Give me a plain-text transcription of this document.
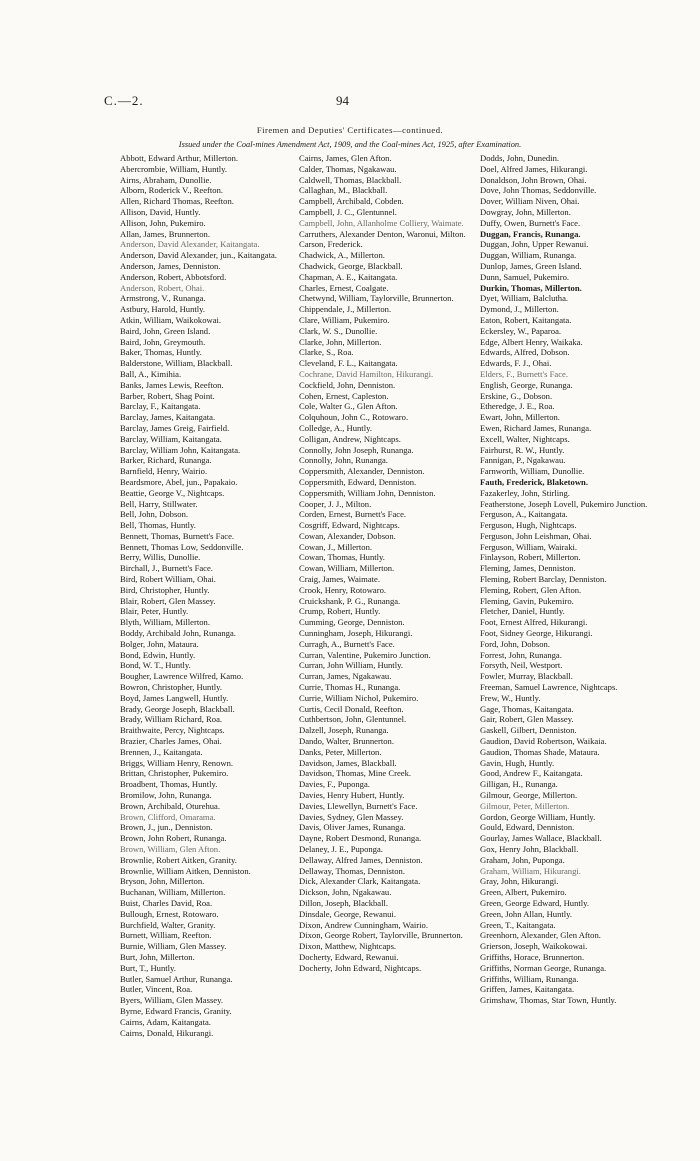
C.—2.	94
Firemen and Deputies' Certificates—continued.
Issued under the Coal-mines Amendment Act, 1909, and the Coal-mines Act, 1925, after Examination.
Abbott, Edward Arthur, Millerton.
Abercrombie, William, Huntly.
Airns, Abraham, Dunollie.
Alborn, Roderick V., Reefton.
Allen, Richard Thomas, Reefton.
Allison, David, Huntly.
Allison, John, Pukemiro.
Allan, James, Brunnerton.
Anderson, David Alexander, Kaitangata.
Anderson, David Alexander, jun., Kaitangata.
Anderson, James, Denniston.
Anderson, Robert, Abbotsford.
Anderson, Robert, Ohai.
Armstrong, V., Runanga.
Astbury, Harold, Huntly.
Atkin, William, Waikokowai.
Baird, John, Green Island.
Baird, John, Greymouth.
Baker, Thomas, Huntly.
Balderstone, William, Blackball.
Ball, A., Kimihia.
Banks, James Lewis, Reefton.
Barber, Robert, Shag Point.
Barclay, F., Kaitangata.
Barclay, James, Kaitangata.
Barclay, James Greig, Fairfield.
Barclay, William, Kaitangata.
Barclay, William John, Kaitangata.
Barker, Richard, Runanga.
Barnfield, Henry, Wairio.
Beardsmore, Abel, jun., Papakaio.
Beattie, George V., Nightcaps.
Bell, Harry, Stillwater.
Bell, John, Dobson.
Bell, Thomas, Huntly.
Bennett, Thomas, Burnett's Face.
Bennett, Thomas Low, Seddonville.
Berry, Willis, Dunollie.
Birchall, J., Burnett's Face.
Bird, Robert William, Ohai.
Bird, Christopher, Huntly.
Blair, Robert, Glen Massey.
Blair, Peter, Huntly.
Blyth, William, Millerton.
Boddy, Archibald John, Runanga.
Bolger, John, Mataura.
Bond, Edwin, Huntly.
Bond, W. T., Huntly.
Bougher, Lawrence Wilfred, Kamo.
Bowron, Christopher, Huntly.
Boyd, James Langwell, Huntly.
Brady, George Joseph, Blackball.
Brady, William Richard, Roa.
Braithwaite, Percy, Nightcaps.
Brazier, Charles James, Ohai.
Brennen, J., Kaitangata.
Briggs, William Henry, Renown.
Brittan, Christopher, Pukemiro.
Broadbent, Thomas, Huntly.
Bromilow, John, Runanga.
Brown, Archibald, Oturehua.
Brown, Clifford, Omarama.
Brown, J., jun., Denniston.
Brown, John Robert, Runanga.
Brown, William, Glen Afton.
Brownlie, Robert Aitken, Granity.
Brownlie, William Aitken, Denniston.
Bryson, John, Millerton.
Buchanan, William, Millerton.
Buist, Charles David, Roa.
Bullough, Ernest, Rotowaro.
Burchfield, Walter, Granity.
Burnett, William, Reefton.
Burnie, William, Glen Massey.
Burt, John, Millerton.
Burt, T., Huntly.
Butler, Samuel Arthur, Runanga.
Butler, Vincent, Roa.
Byers, William, Glen Massey.
Byrne, Edward Francis, Granity.
Cairns, Adam, Kaitangata.
Cairns, Donald, Hikurangi.
Cairns, James, Glen Afton.
Calder, Thomas, Ngakawau.
Caldwell, Thomas, Blackball.
Callaghan, M., Blackball.
Campbell, Archibald, Cobden.
Campbell, J. C., Glentunnel.
Campbell, John, Allanholme Colliery, Waimate.
Carruthers, Alexander Denton, Waronui, Milton.
Carson, Frederick.
Chadwick, A., Millerton.
Chadwick, George, Blackball.
Chapman, A. E., Kaitangata.
Charles, Ernest, Coalgate.
Chetwynd, William, Taylorville, Brunnerton.
Chippendale, J., Millerton.
Clare, William, Pukemiro.
Clark, W. S., Dunollie.
Clarke, John, Millerton.
Clarke, S., Roa.
Cleveland, F. L., Kaitangata.
Cochrane, David Hamilton, Hikurangi.
Cockfield, John, Denniston.
Cohen, Ernest, Capleston.
Cole, Walter G., Glen Afton.
Colquhoun, John C., Rotowaro.
Colledge, A., Huntly.
Colligan, Andrew, Nightcaps.
Connolly, John Joseph, Runanga.
Connolly, John, Runanga.
Coppersmith, Alexander, Denniston.
Coppersmith, Edward, Denniston.
Coppersmith, William John, Denniston.
Cooper, J. J., Milton.
Corden, Ernest, Burnett's Face.
Cosgriff, Edward, Nightcaps.
Cowan, Alexander, Dobson.
Cowan, J., Millerton.
Cowan, Thomas, Huntly.
Cowan, William, Millerton.
Craig, James, Waimate.
Crook, Henry, Rotowaro.
Cruickshank, P. G., Runanga.
Crump, Robert, Huntly.
Cumming, George, Denniston.
Cunningham, Joseph, Hikurangi.
Curragh, A., Burnett's Face.
Curran, Valentine, Pukemiro Junction.
Curran, John William, Huntly.
Curran, James, Ngakawau.
Currie, Thomas H., Runanga.
Currie, William Nichol, Pukemiro.
Curtis, Cecil Donald, Reefton.
Cuthbertson, John, Glentunnel.
Dalzell, Joseph, Runanga.
Dando, Walter, Brunnerton.
Danks, Peter, Millerton.
Davidson, James, Blackball.
Davidson, Thomas, Mine Creek.
Davies, F., Puponga.
Davies, Henry Hubert, Huntly.
Davies, Llewellyn, Burnett's Face.
Davies, Sydney, Glen Massey.
Davis, Oliver James, Runanga.
Dayne, Robert Desmond, Runanga.
Delaney, J. E., Puponga.
Dellaway, Alfred James, Denniston.
Dellaway, Thomas, Denniston.
Dick, Alexander Clark, Kaitangata.
Dickson, John, Ngakawau.
Dillon, Joseph, Blackball.
Dinsdale, George, Rewanui.
Dixon, Andrew Cunningham, Wairio.
Dixon, George Robert, Taylorville, Brunnerton.
Dixon, Matthew, Nightcaps.
Docherty, Edward, Rewanui.
Docherty, John Edward, Nightcaps.
Dodds, John, Dunedin.
Doel, Alfred James, Hikurangi.
Donaldson, John Brown, Ohai.
Dove, John Thomas, Seddonville.
Dover, William Niven, Ohai.
Dowgray, John, Millerton.
Duffy, Owen, Burnett's Face.
Duggan, Francis, Runanga.
Duggan, John, Upper Rewanui.
Duggan, William, Runanga.
Dunlop, James, Green Island.
Dunn, Samuel, Pukemiro.
Durkin, Thomas, Millerton.
Dyet, William, Balclutha.
Dymond, J., Millerton.
Eaton, Robert, Kaitangata.
Eckersley, W., Paparoa.
Edge, Albert Henry, Waikaka.
Edwards, Alfred, Dobson.
Edwards, F. J., Ohai.
Elders, F., Burnett's Face.
English, George, Runanga.
Erskine, G., Dobson.
Etheredge, J. E., Roa.
Ewart, John, Millerton.
Ewen, Richard James, Runanga.
Excell, Walter, Nightcaps.
Fairhurst, R. W., Huntly.
Fannigan, P., Ngakawau.
Farnworth, William, Dunollie.
Fauth, Frederick, Blaketown.
Fazakerley, John, Stirling.
Featherstone, Joseph Lovell, Pukemiro Junction.
Ferguson, A., Kaitangata.
Ferguson, Hugh, Nightcaps.
Ferguson, John Leishman, Ohai.
Ferguson, William, Wairaki.
Finlayson, Robert, Millerton.
Fleming, James, Denniston.
Fleming, Robert Barclay, Denniston.
Fleming, Robert, Glen Afton.
Fleming, Gavin, Pukemiro.
Fletcher, Daniel, Huntly.
Foot, Ernest Alfred, Hikurangi.
Foot, Sidney George, Hikurangi.
Ford, John, Dobson.
Forrest, John, Runanga.
Forsyth, Neil, Westport.
Fowler, Murray, Blackball.
Freeman, Samuel Lawrence, Nightcaps.
Frew, W., Huntly.
Gage, Thomas, Kaitangata.
Gair, Robert, Glen Massey.
Gaskell, Gilbert, Denniston.
Gaudion, David Robertson, Waikaia.
Gaudion, Thomas Shade, Mataura.
Gavin, Hugh, Huntly.
Good, Andrew F., Kaitangata.
Gilligan, H., Runanga.
Gilmour, George, Millerton.
Gilmour, Peter, Millerton.
Gordon, George William, Huntly.
Gould, Edward, Denniston.
Gourlay, James Wallace, Blackball.
Gox, Henry John, Blackball.
Graham, John, Puponga.
Graham, William, Hikurangi.
Gray, John, Hikurangi.
Green, Albert, Pukemiro.
Green, George Edward, Huntly.
Green, John Allan, Huntly.
Green, T., Kaitangata.
Greenhorn, Alexander, Glen Afton.
Grierson, Joseph, Waikokowai.
Griffiths, Horace, Brunnerton.
Griffiths, Norman George, Runanga.
Griffiths, William, Runanga.
Griffen, James, Kaitangata.
Grimshaw, Thomas, Star Town, Huntly.
